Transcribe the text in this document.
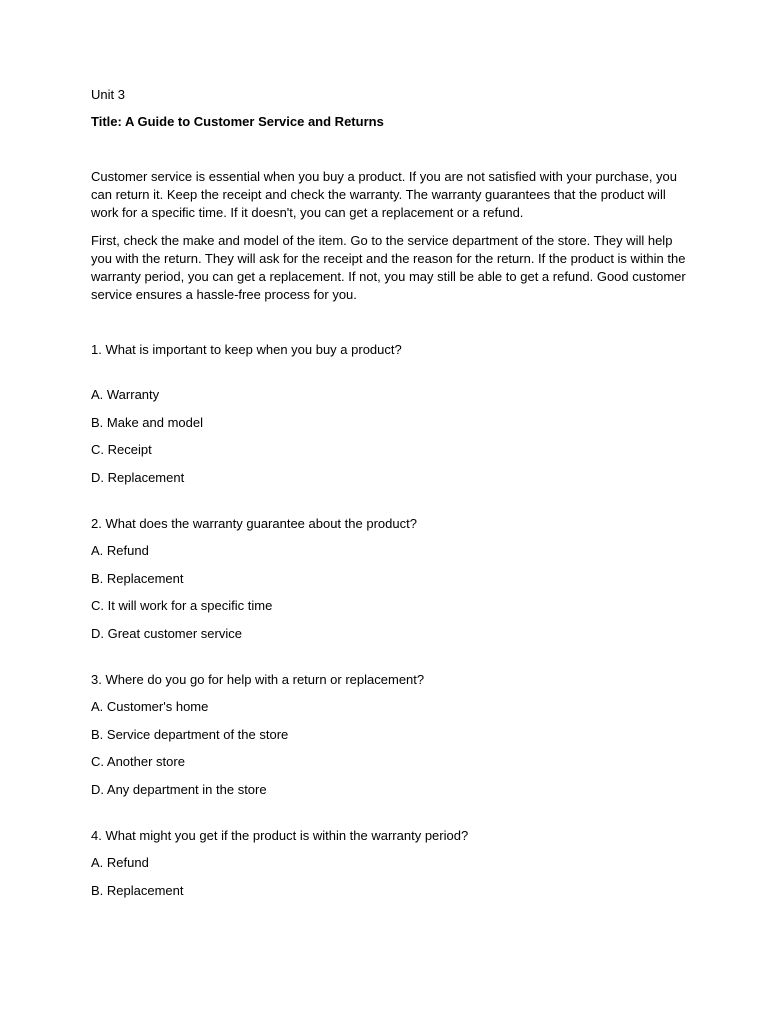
Unit 3

Title: A Guide to Customer Service and Returns

Customer service is essential when you buy a product. If you are not satisfied with your purchase, you can return it. Keep the receipt and check the warranty. The warranty guarantees that the product will work for a specific time. If it doesn't, you can get a replacement or a refund.

First, check the make and model of the item. Go to the service department of the store. They will help you with the return. They will ask for the receipt and the reason for the return. If the product is within the warranty period, you can get a replacement. If not, you may still be able to get a refund. Good customer service ensures a hassle-free process for you.

1. What is important to keep when you buy a product?

A. Warranty

B. Make and model

C. Receipt

D. Replacement

2. What does the warranty guarantee about the product?

A. Refund

B. Replacement

C. It will work for a specific time

D. Great customer service

3. Where do you go for help with a return or replacement?

A. Customer's home

B. Service department of the store

C. Another store

D. Any department in the store

4. What might you get if the product is within the warranty period?

A. Refund

B. Replacement
